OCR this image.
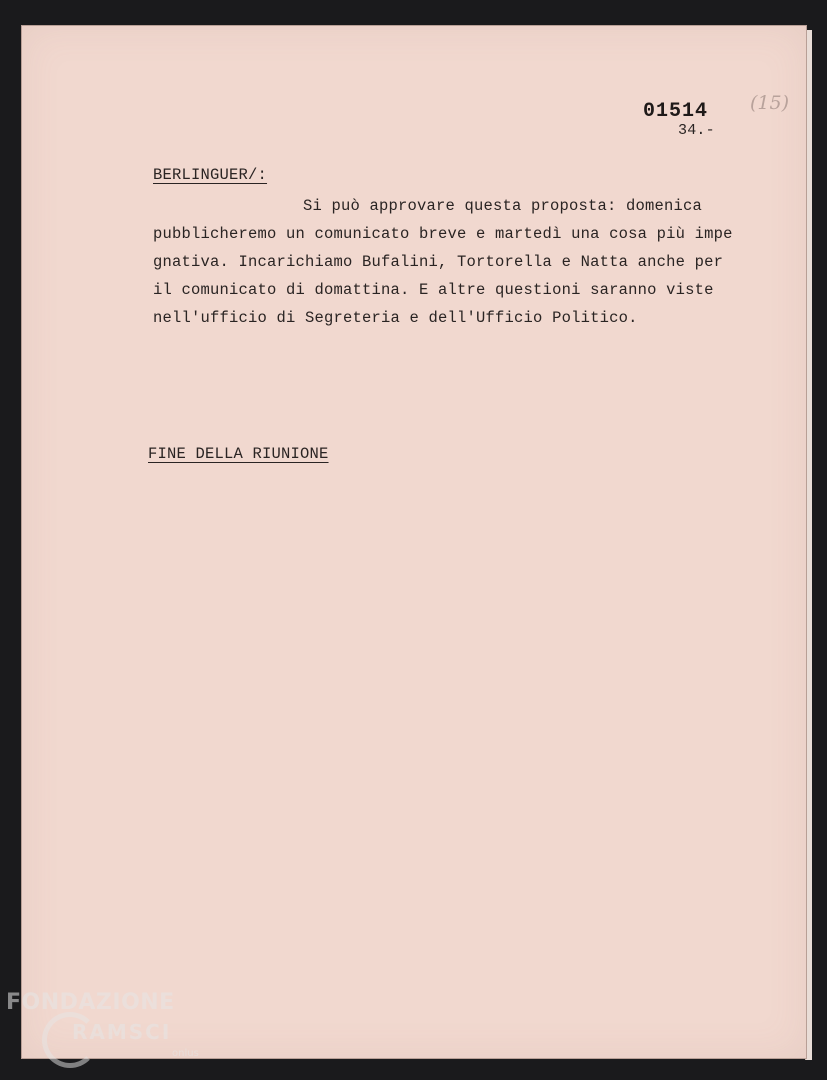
01514
34.-
(15)
BERLINGUER/:
Si può approvare questa proposta: domenica
pubblicheremo un comunicato breve e martedì una cosa più impe
gnativa. Incarichiamo Bufalini, Tortorella e Natta anche per
il comunicato di domattina. E altre questioni saranno viste
nell'ufficio di Segreteria e dell'Ufficio Politico.
FINE DELLA RIUNIONE
FONDAZIONE
RAMSCI
onlus
